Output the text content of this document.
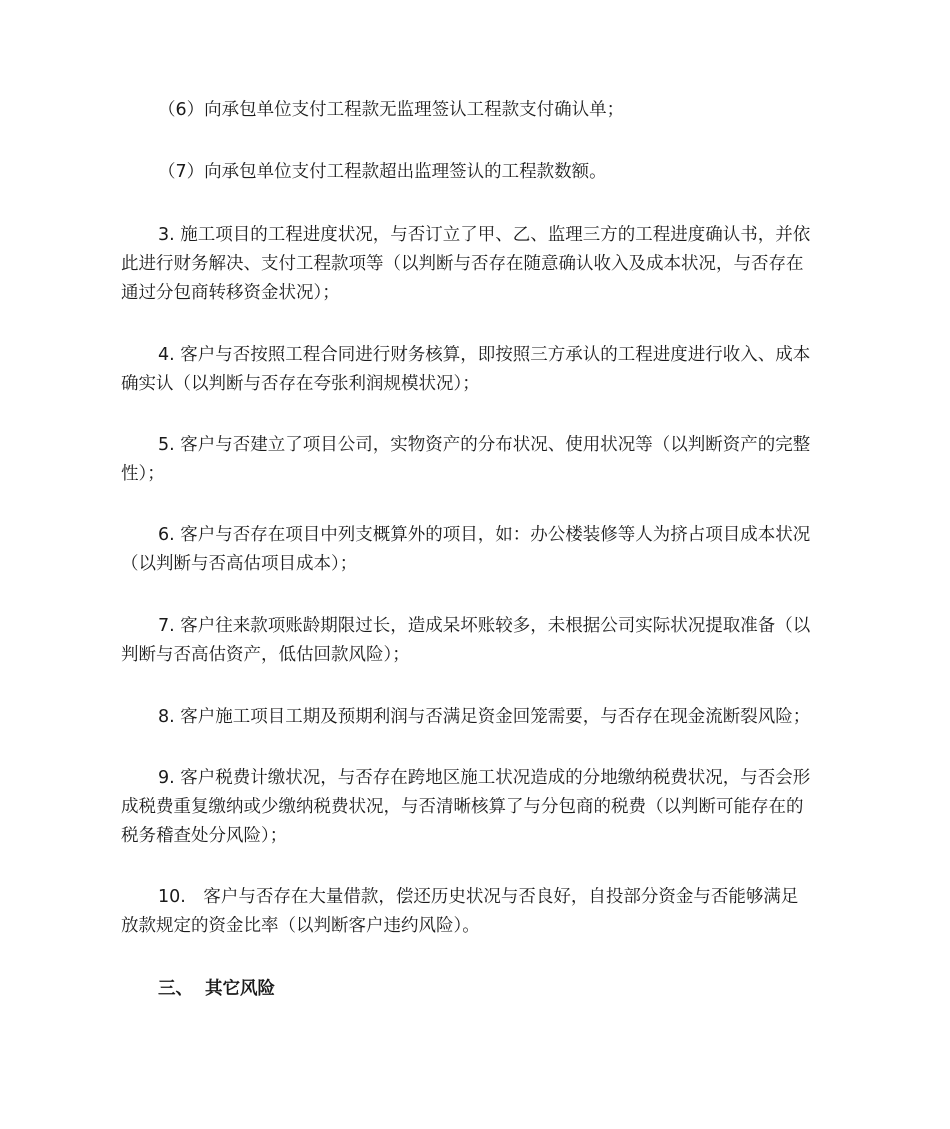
（6）向承包单位支付工程款无监理签认工程款支付确认单；

（7）向承包单位支付工程款超出监理签认的工程款数额。

3. 施工项目的工程进度状况，与否订立了甲、乙、监理三方的工程进度确认书，并依

此进行财务解决、支付工程款项等（以判断与否存在随意确认收入及成本状况，与否存在

通过分包商转移资金状况）；

4. 客户与否按照工程合同进行财务核算，即按照三方承认的工程进度进行收入、成本

确实认（以判断与否存在夸张利润规模状况）；

5. 客户与否建立了项目公司，实物资产的分布状况、使用状况等（以判断资产的完整

性）；

6. 客户与否存在项目中列支概算外的项目，如：办公楼装修等人为挤占项目成本状况

（以判断与否高估项目成本）；

7. 客户往来款项账龄期限过长，造成呆坏账较多，未根据公司实际状况提取准备（以

判断与否高估资产，低估回款风险）；

8. 客户施工项目工期及预期利润与否满足资金回笼需要，与否存在现金流断裂风险；

9. 客户税费计缴状况，与否存在跨地区施工状况造成的分地缴纳税费状况，与否会形

成税费重复缴纳或少缴纳税费状况，与否清晰核算了与分包商的税费（以判断可能存在的

税务稽查处分风险）；

10.　客户与否存在大量借款，偿还历史状况与否良好，自投部分资金与否能够满足

放款规定的资金比率（以判断客户违约风险）。

三、 其它风险
